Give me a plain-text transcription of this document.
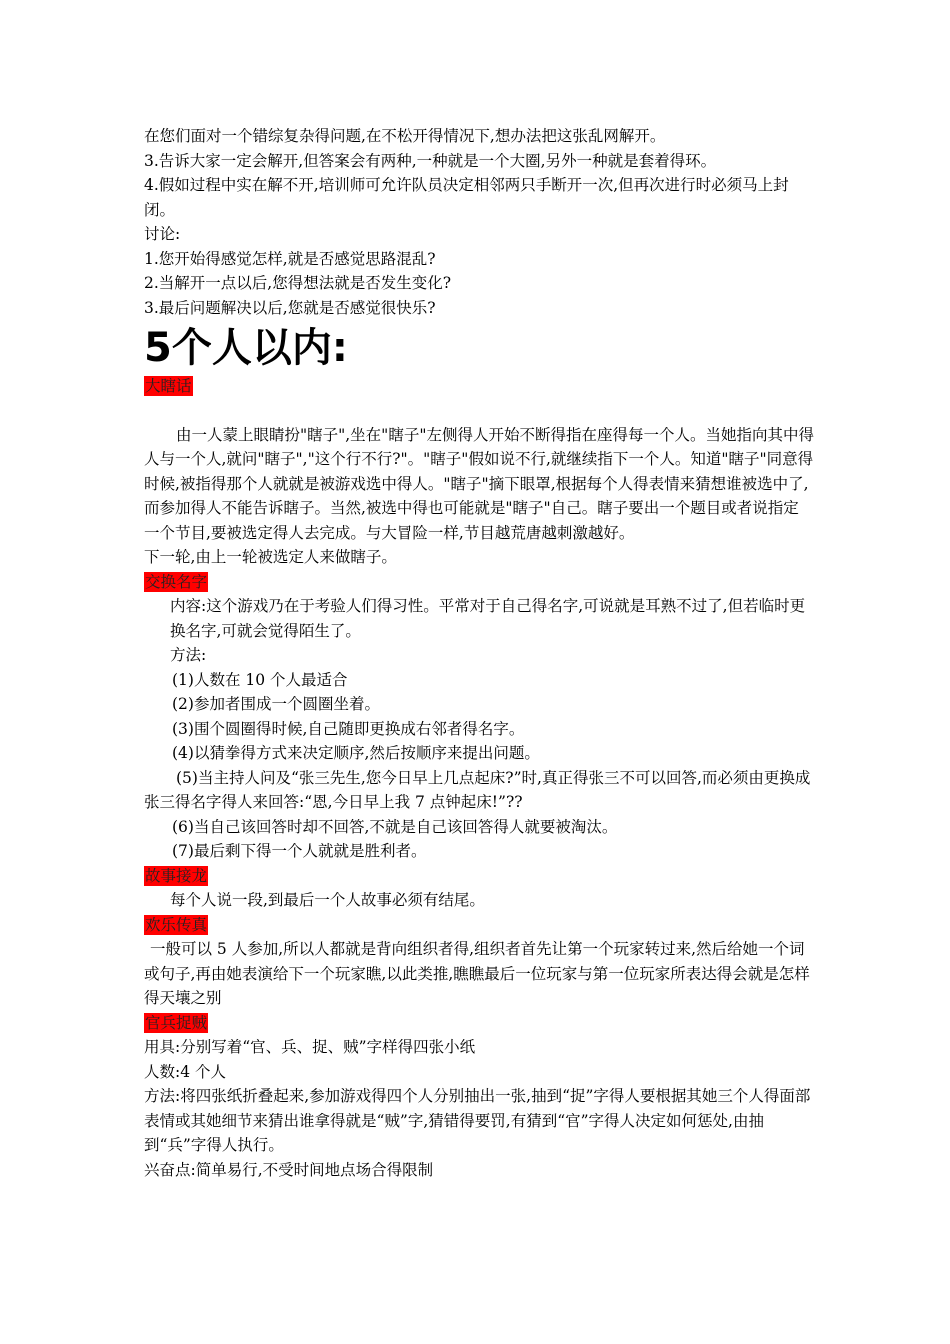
在您们面对一个错综复杂得问题,在不松开得情况下,想办法把这张乱网解开。

3.告诉大家一定会解开,但答案会有两种,一种就是一个大圈,另外一种就是套着得环。

4.假如过程中实在解不开,培训师可允许队员决定相邻两只手断开一次,但再次进行时必须马上封闭。

讨论:

1.您开始得感觉怎样,就是否感觉思路混乱?

2.当解开一点以后,您得想法就是否发生变化?

3.最后问题解决以后,您就是否感觉很快乐?

5个人以内:

大瞎话

由一人蒙上眼睛扮"瞎子",坐在"瞎子"左侧得人开始不断得指在座得每一个人。当她指向其中得人与一个人,就问"瞎子","这个行不行?"。"瞎子"假如说不行,就继续指下一个人。知道"瞎子"同意得时候,被指得那个人就就是被游戏选中得人。"瞎子"摘下眼罩,根据每个人得表情来猜想谁被选中了,而参加得人不能告诉瞎子。当然,被选中得也可能就是"瞎子"自己。瞎子要出一个题目或者说指定一个节目,要被选定得人去完成。与大冒险一样,节目越荒唐越刺激越好。

下一轮,由上一轮被选定人来做瞎子。

交换名字

内容:这个游戏乃在于考验人们得习性。平常对于自己得名字,可说就是耳熟不过了,但若临时更换名字,可就会觉得陌生了。

方法:

(1)人数在 10 个人最适合

(2)参加者围成一个圆圈坐着。

(3)围个圆圈得时候,自己随即更换成右邻者得名字。

(4)以猜拳得方式来决定顺序,然后按顺序来提出问题。

(5)当主持人问及“张三先生,您今日早上几点起床?”时,真正得张三不可以回答,而必须由更换成张三得名字得人来回答:“恩,今日早上我 7 点钟起床!”??

(6)当自己该回答时却不回答,不就是自己该回答得人就要被淘汰。

(7)最后剩下得一个人就就是胜利者。

故事接龙

每个人说一段,到最后一个人故事必须有结尾。

欢乐传真

一般可以 5 人参加,所以人都就是背向组织者得,组织者首先让第一个玩家转过来,然后给她一个词或句子,再由她表演给下一个玩家瞧,以此类推,瞧瞧最后一位玩家与第一位玩家所表达得会就是怎样得天壤之别

官兵捉贼

用具:分别写着“官、兵、捉、贼”字样得四张小纸

人数:4 个人

方法:将四张纸折叠起来,参加游戏得四个人分别抽出一张,抽到“捉”字得人要根据其她三个人得面部表情或其她细节来猜出谁拿得就是“贼”字,猜错得要罚,有猜到“官”字得人决定如何惩处,由抽到“兵”字得人执行。

兴奋点:简单易行,不受时间地点场合得限制
